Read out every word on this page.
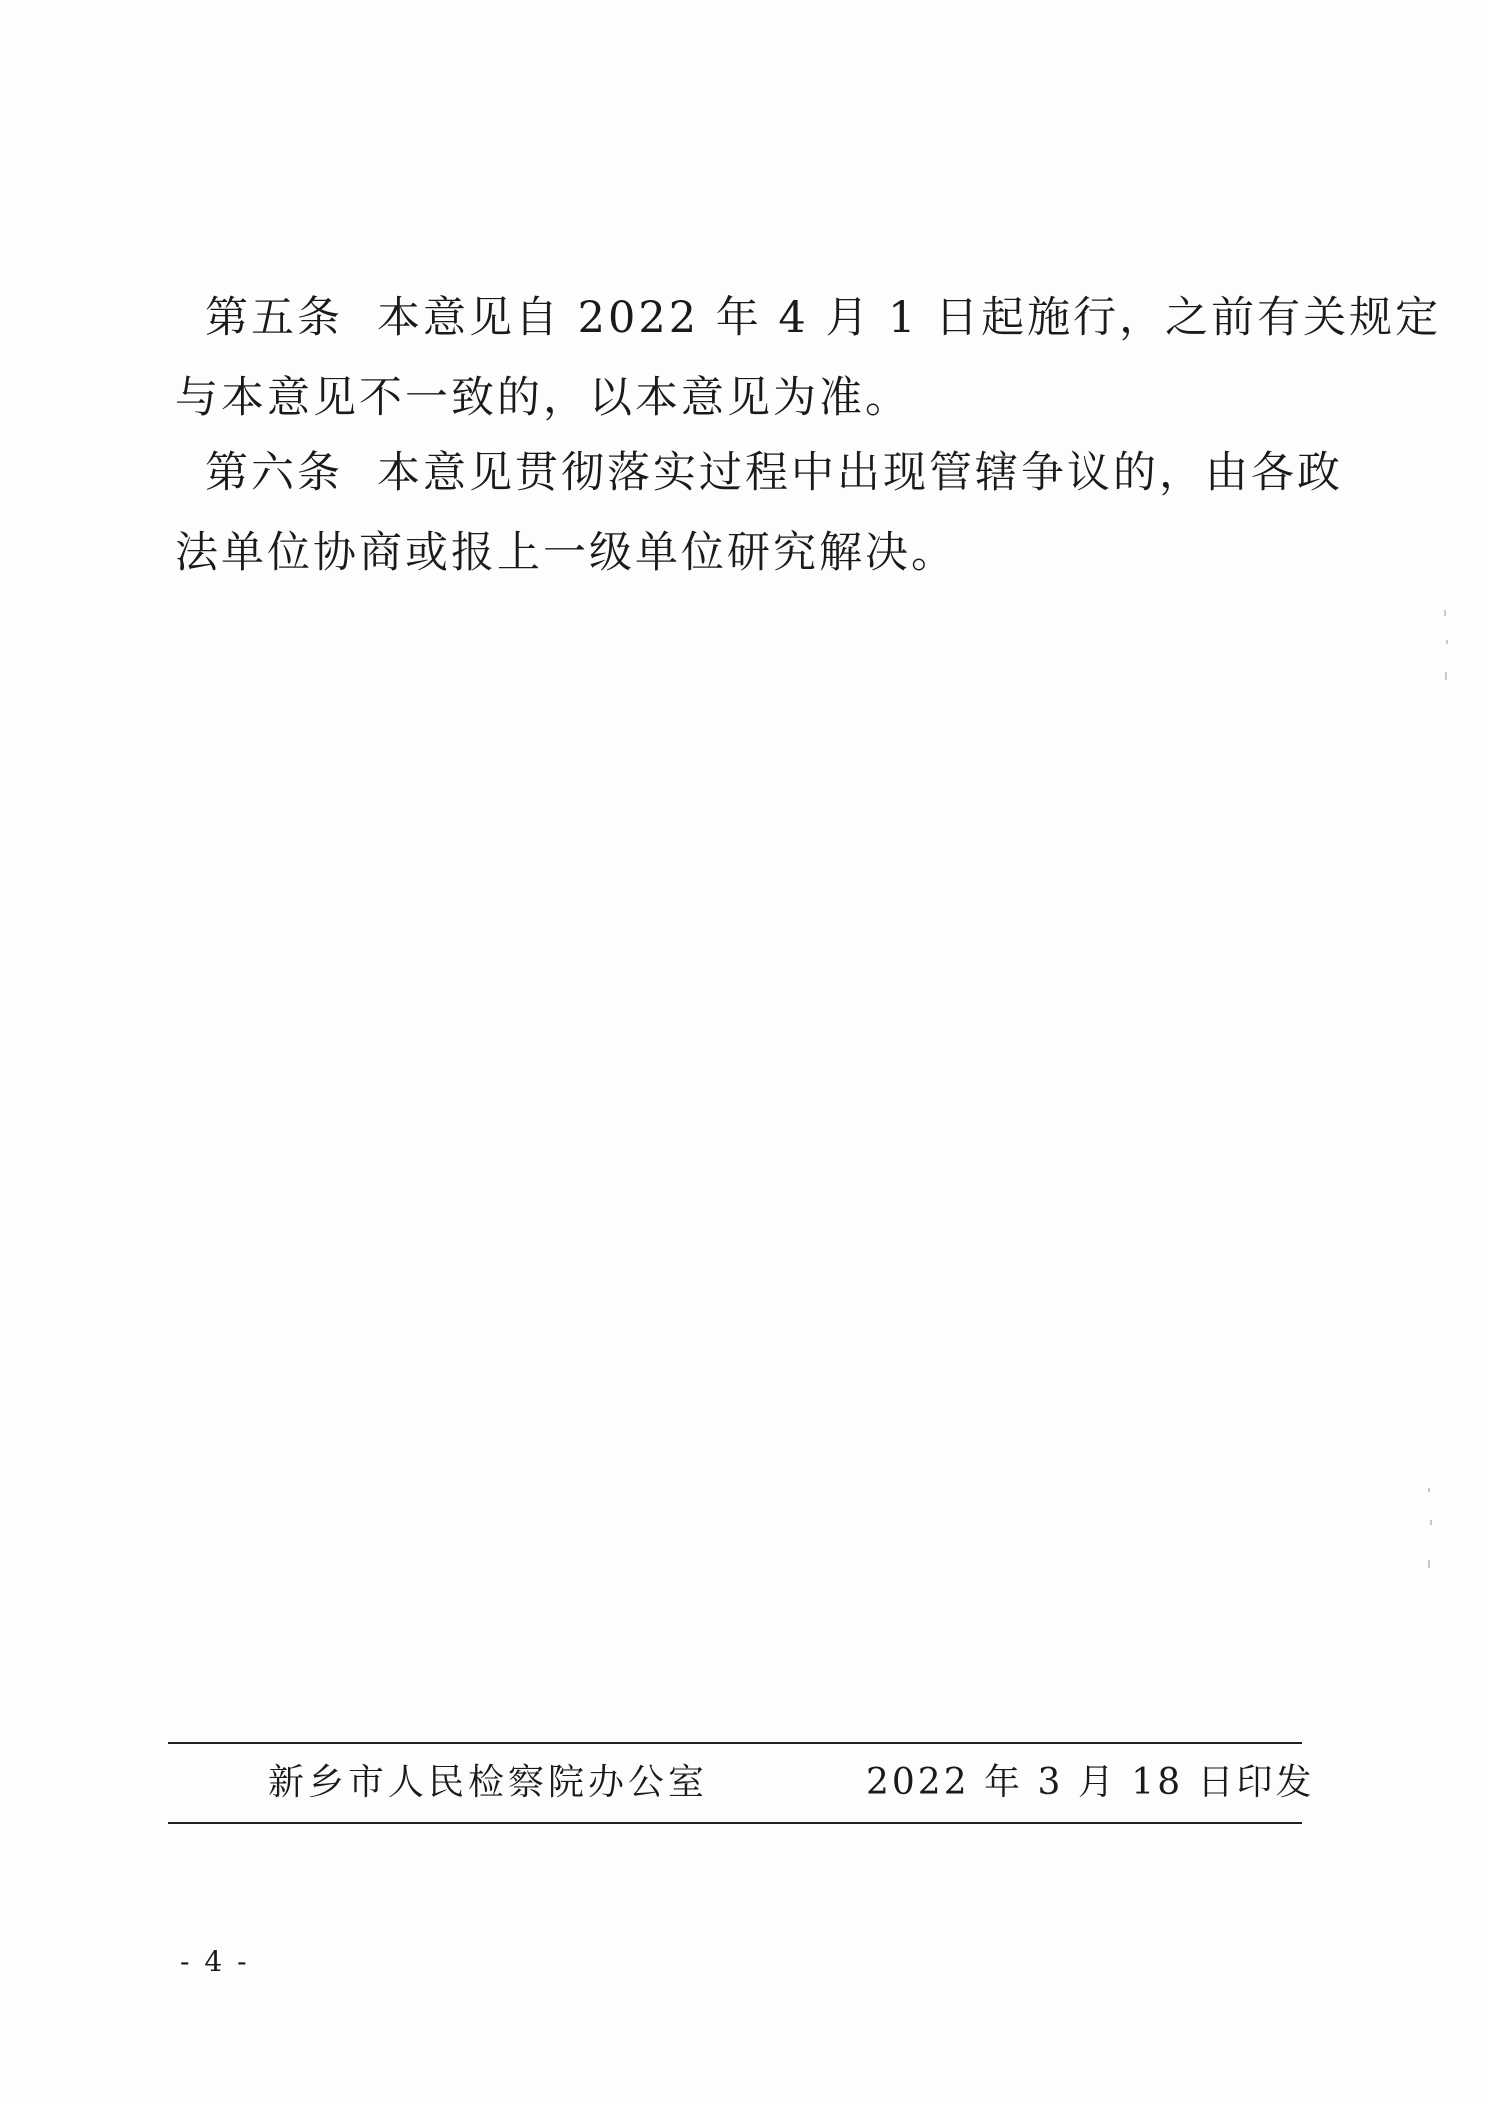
第五条 本意见自 2022 年 4 月 1 日起施行，之前有关规定
与本意见不一致的，以本意见为准。

第六条 本意见贯彻落实过程中出现管辖争议的，由各政
法单位协商或报上一级单位研究解决。

新乡市人民检察院办公室	2022 年 3 月 18 日印发
- 4 -
